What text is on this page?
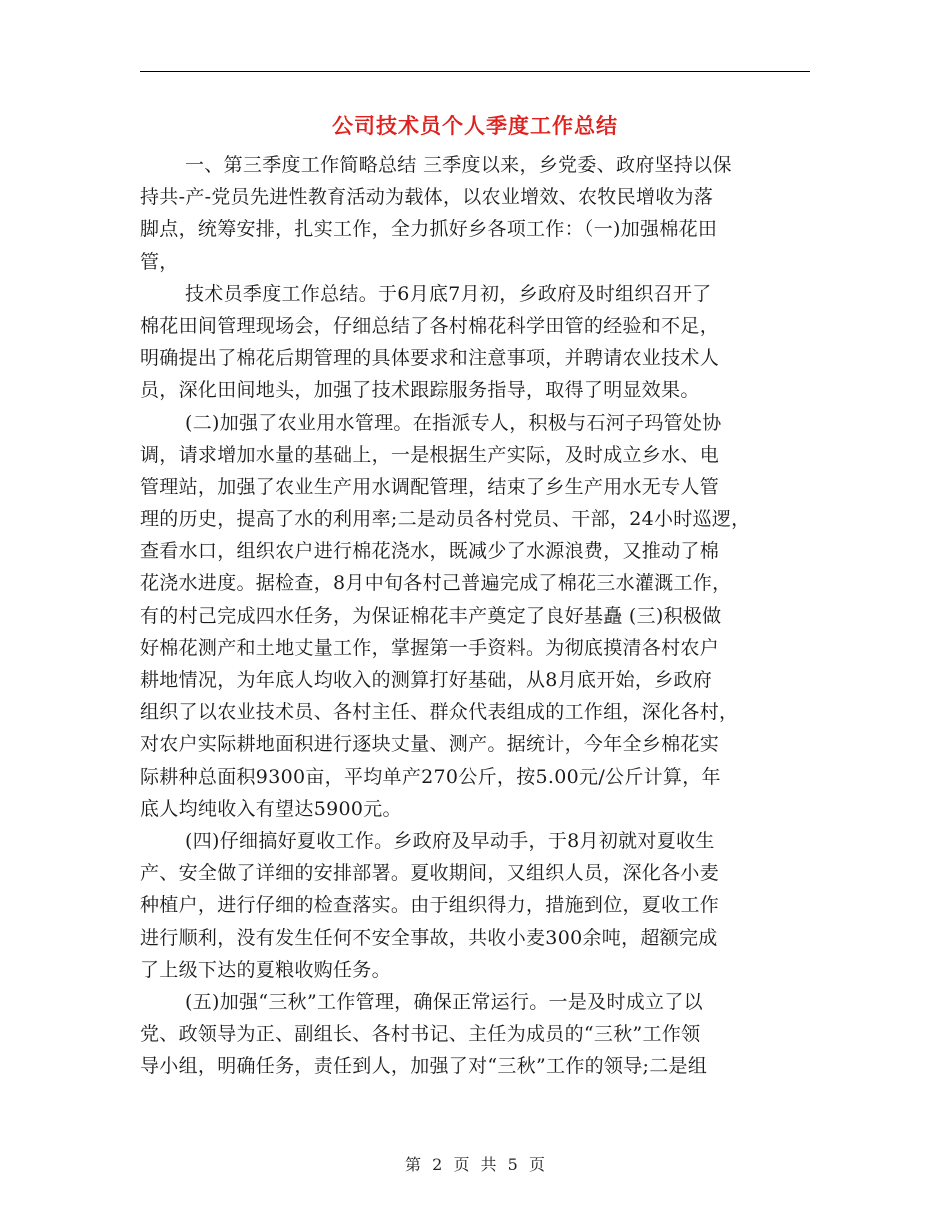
公司技术员个人季度工作总结

一、第三季度工作简略总结 三季度以来，乡党委、政府坚持以保
持共-产-党员先进性教育活动为载体，以农业增效、农牧民增收为落
脚点，统筹安排，扎实工作，全力抓好乡各项工作：（一)加强棉花田
管，

技术员季度工作总结。于6月底7月初，乡政府及时组织召开了
棉花田间管理现场会，仔细总结了各村棉花科学田管的经验和不足，
明确提出了棉花后期管理的具体要求和注意事项，并聘请农业技术人
员，深化田间地头，加强了技术跟踪服务指导，取得了明显效果。

(二)加强了农业用水管理。在指派专人，积极与石河子玛管处协
调，请求增加水量的基础上，一是根据生产实际，及时成立乡水、电
管理站，加强了农业生产用水调配管理，结束了乡生产用水无专人管
理的历史，提高了水的利用率;二是动员各村党员、干部，24小时巡逻，
查看水口，组织农户进行棉花浇水，既减少了水源浪费，又推动了棉
花浇水进度。据检查，8月中旬各村己普遍完成了棉花三水灌溉工作，
有的村己完成四水任务，为保证棉花丰产奠定了良好基矗 (三)积极做
好棉花测产和土地丈量工作，掌握第一手资料。为彻底摸清各村农户
耕地情况，为年底人均收入的测算打好基础，从8月底开始，乡政府
组织了以农业技术员、各村主任、群众代表组成的工作组，深化各村，
对农户实际耕地面积进行逐块丈量、测产。据统计，今年全乡棉花实
际耕种总面积9300亩，平均单产270公斤，按5.00元/公斤计算，年
底人均纯收入有望达5900元。

(四)仔细搞好夏收工作。乡政府及早动手，于8月初就对夏收生
产、安全做了详细的安排部署。夏收期间，又组织人员，深化各小麦
种植户，进行仔细的检查落实。由于组织得力，措施到位，夏收工作
进行顺利，没有发生任何不安全事故，共收小麦300余吨，超额完成
了上级下达的夏粮收购任务。

(五)加强“三秋”工作管理，确保正常运行。一是及时成立了以
党、政领导为正、副组长、各村书记、主任为成员的“三秋”工作领
导小组，明确任务，责任到人，加强了对“三秋”工作的领导;二是组

第 2 页 共 5 页
